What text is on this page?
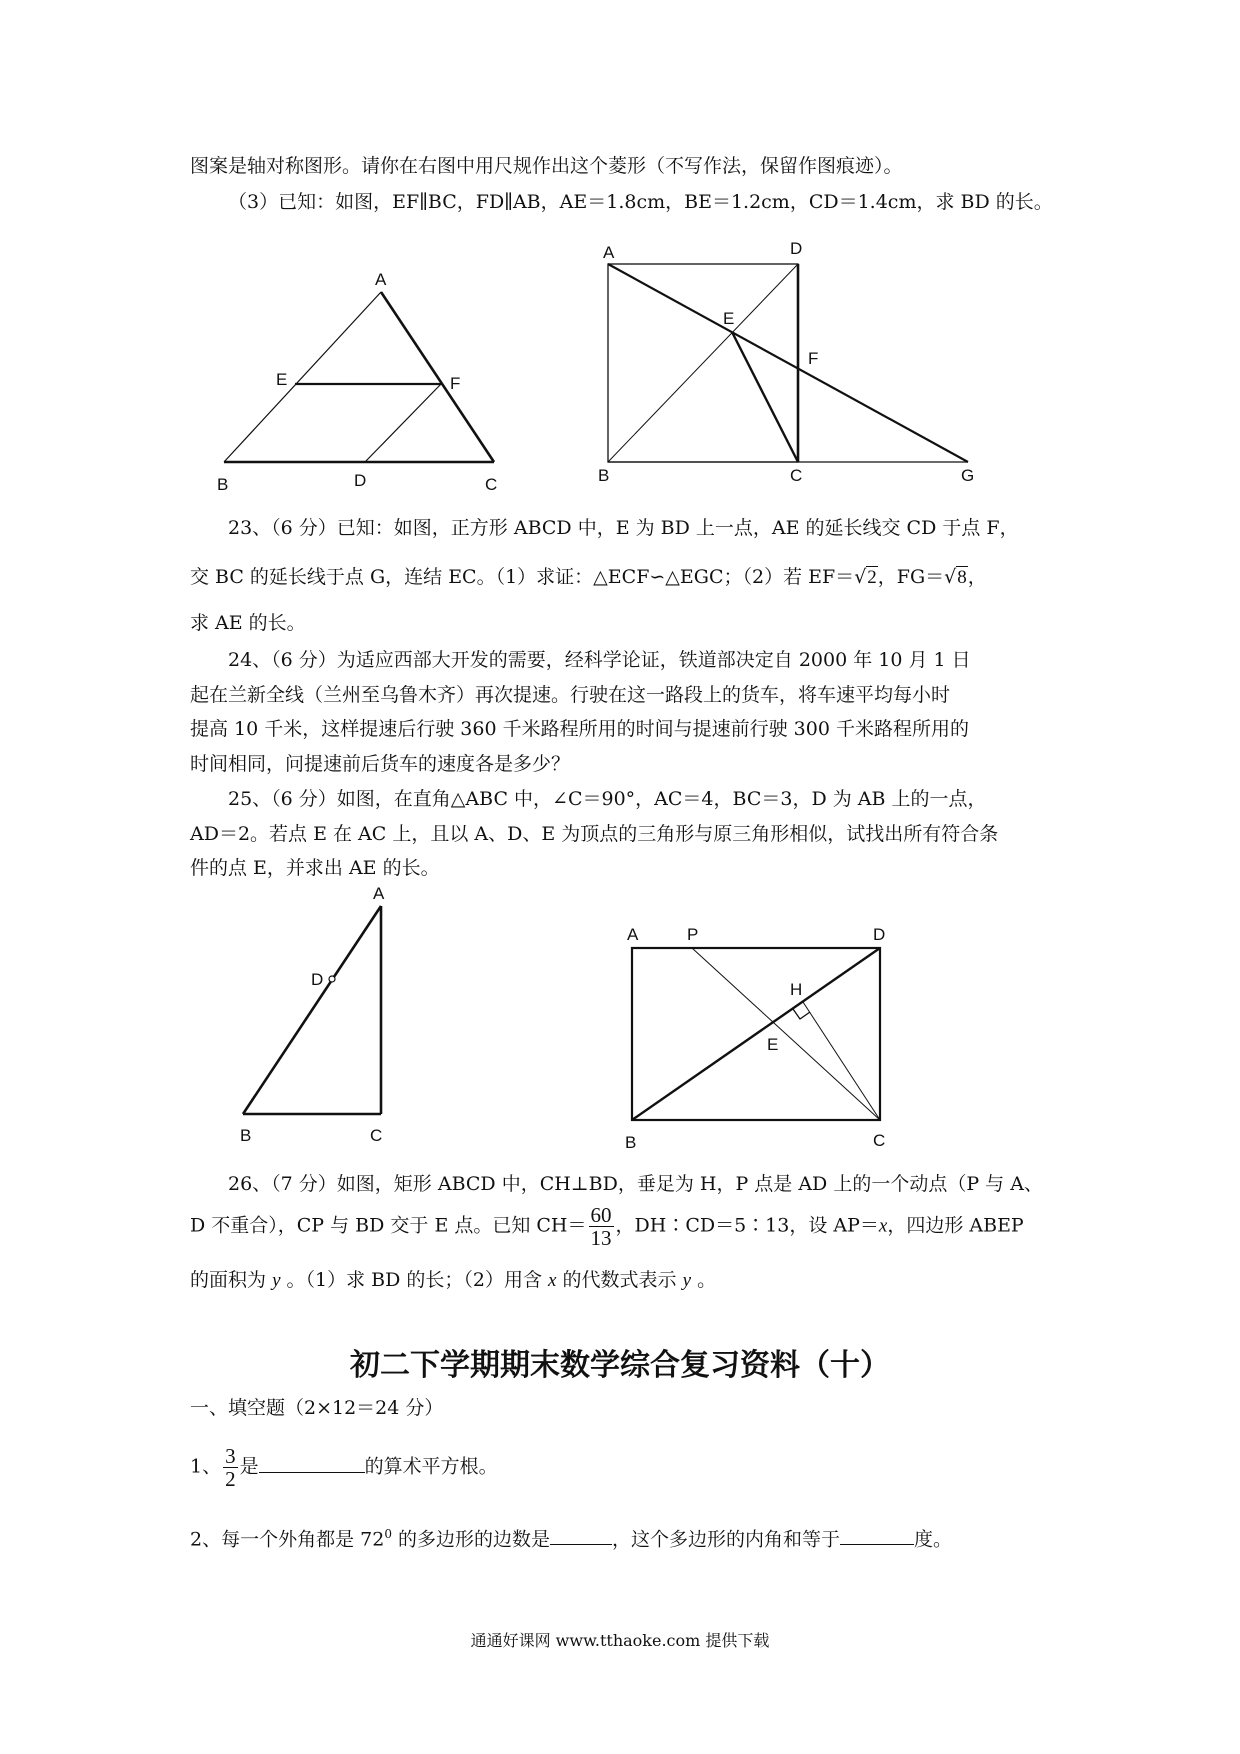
图案是轴对称图形。请你在右图中用尺规作出这个菱形（不写作法，保留作图痕迹）。
（3）已知：如图，EF∥BC，FD∥AB，AE＝1.8cm，BE＝1.2cm，CD＝1.4cm，求 BD 的长。
23、（6 分）已知：如图，正方形 ABCD 中，E 为 BD 上一点，AE 的延长线交 CD 于点 F，
交 BC 的延长线于点 G，连结 EC。（1）求证：△ECF∽△EGC；（2）若 EF＝√2，FG＝√8，
求 AE 的长。
24、（6 分）为适应西部大开发的需要，经科学论证，铁道部决定自 2000 年 10 月 1 日
起在兰新全线（兰州至乌鲁木齐）再次提速。行驶在这一路段上的货车，将车速平均每小时
提高 10 千米，这样提速后行驶 360 千米路程所用的时间与提速前行驶 300 千米路程所用的
时间相同，问提速前后货车的速度各是多少？
25、（6 分）如图，在直角△ABC 中，∠C＝90°，AC＝4，BC＝3，D 为 AB 上的一点，
AD＝2。若点 E 在 AC 上，且以 A、D、E 为顶点的三角形与原三角形相似，试找出所有符合条
件的点 E，并求出 AE 的长。
26、（7 分）如图，矩形 ABCD 中，CH⊥BD，垂足为 H，P 点是 AD 上的一个动点（P 与 A、
D 不重合），CP 与 BD 交于 E 点。已知 $CH= \frac{60}{13}$ ，DH∶CD＝5∶13，设 AP＝x，四边形 ABEP
的面积为 y 。（1）求 BD 的长；（2）用含 x 的代数式表示 y 。
初二下学期期末数学综合复习资料（十）
一、填空题（2×12＝24 分）
1、 $\frac{3}{2}$ 是	的算术平方根。
2、每一个外角都是 $72^0$ 的多边形的边数是	，这个多边形的内角和等于	度。
通通好课网 www.tthaoke.com 提供下载
A
E	F
B	D	C
A	D
E
F
B	C	G
A
D
B	C
A	P	D
H
E
B	C
